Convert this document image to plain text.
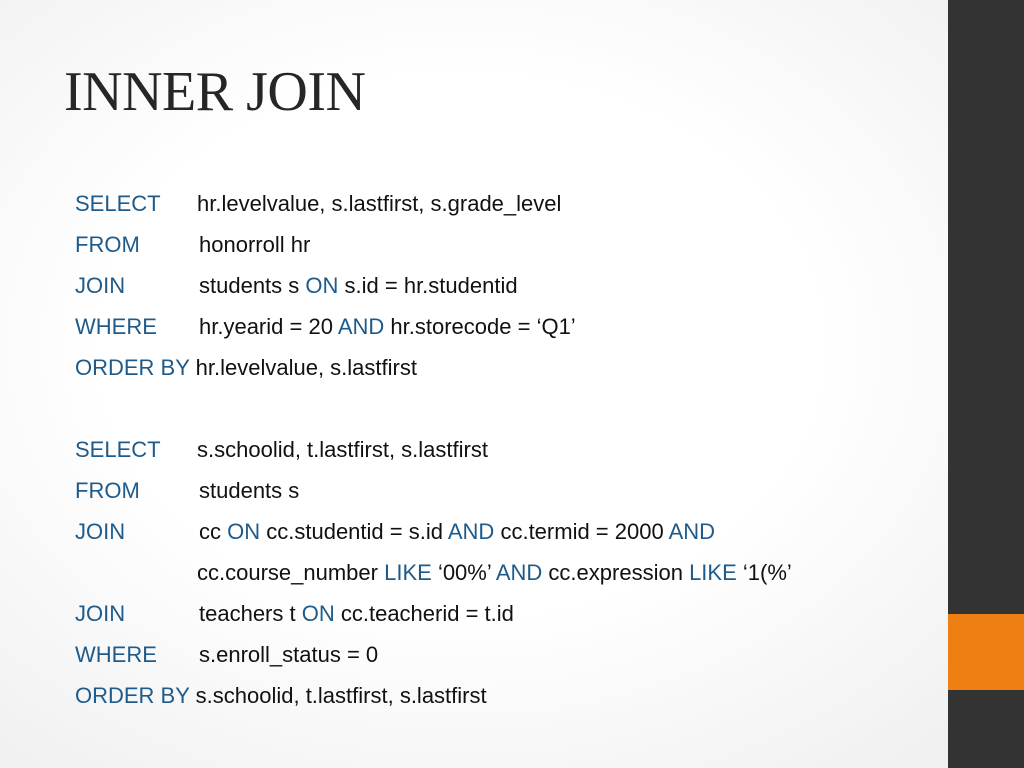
INNER JOIN
SELECT hr.levelvalue, s.lastfirst, s.grade_level
FROM	honorroll hr
JOIN	students s ON s.id = hr.studentid
WHERE hr.yearid = 20 AND hr.storecode = ‘Q1’
ORDER BY hr.levelvalue, s.lastfirst
SELECT s.schoolid, t.lastfirst, s.lastfirst
FROM	students s
JOIN	cc ON cc.studentid = s.id AND cc.termid = 2000 AND
cc.course_number LIKE ‘00%’ AND cc.expression LIKE ‘1(%’
JOIN	teachers t ON cc.teacherid = t.id
WHERE s.enroll_status = 0
ORDER BY s.schoolid, t.lastfirst, s.lastfirst
